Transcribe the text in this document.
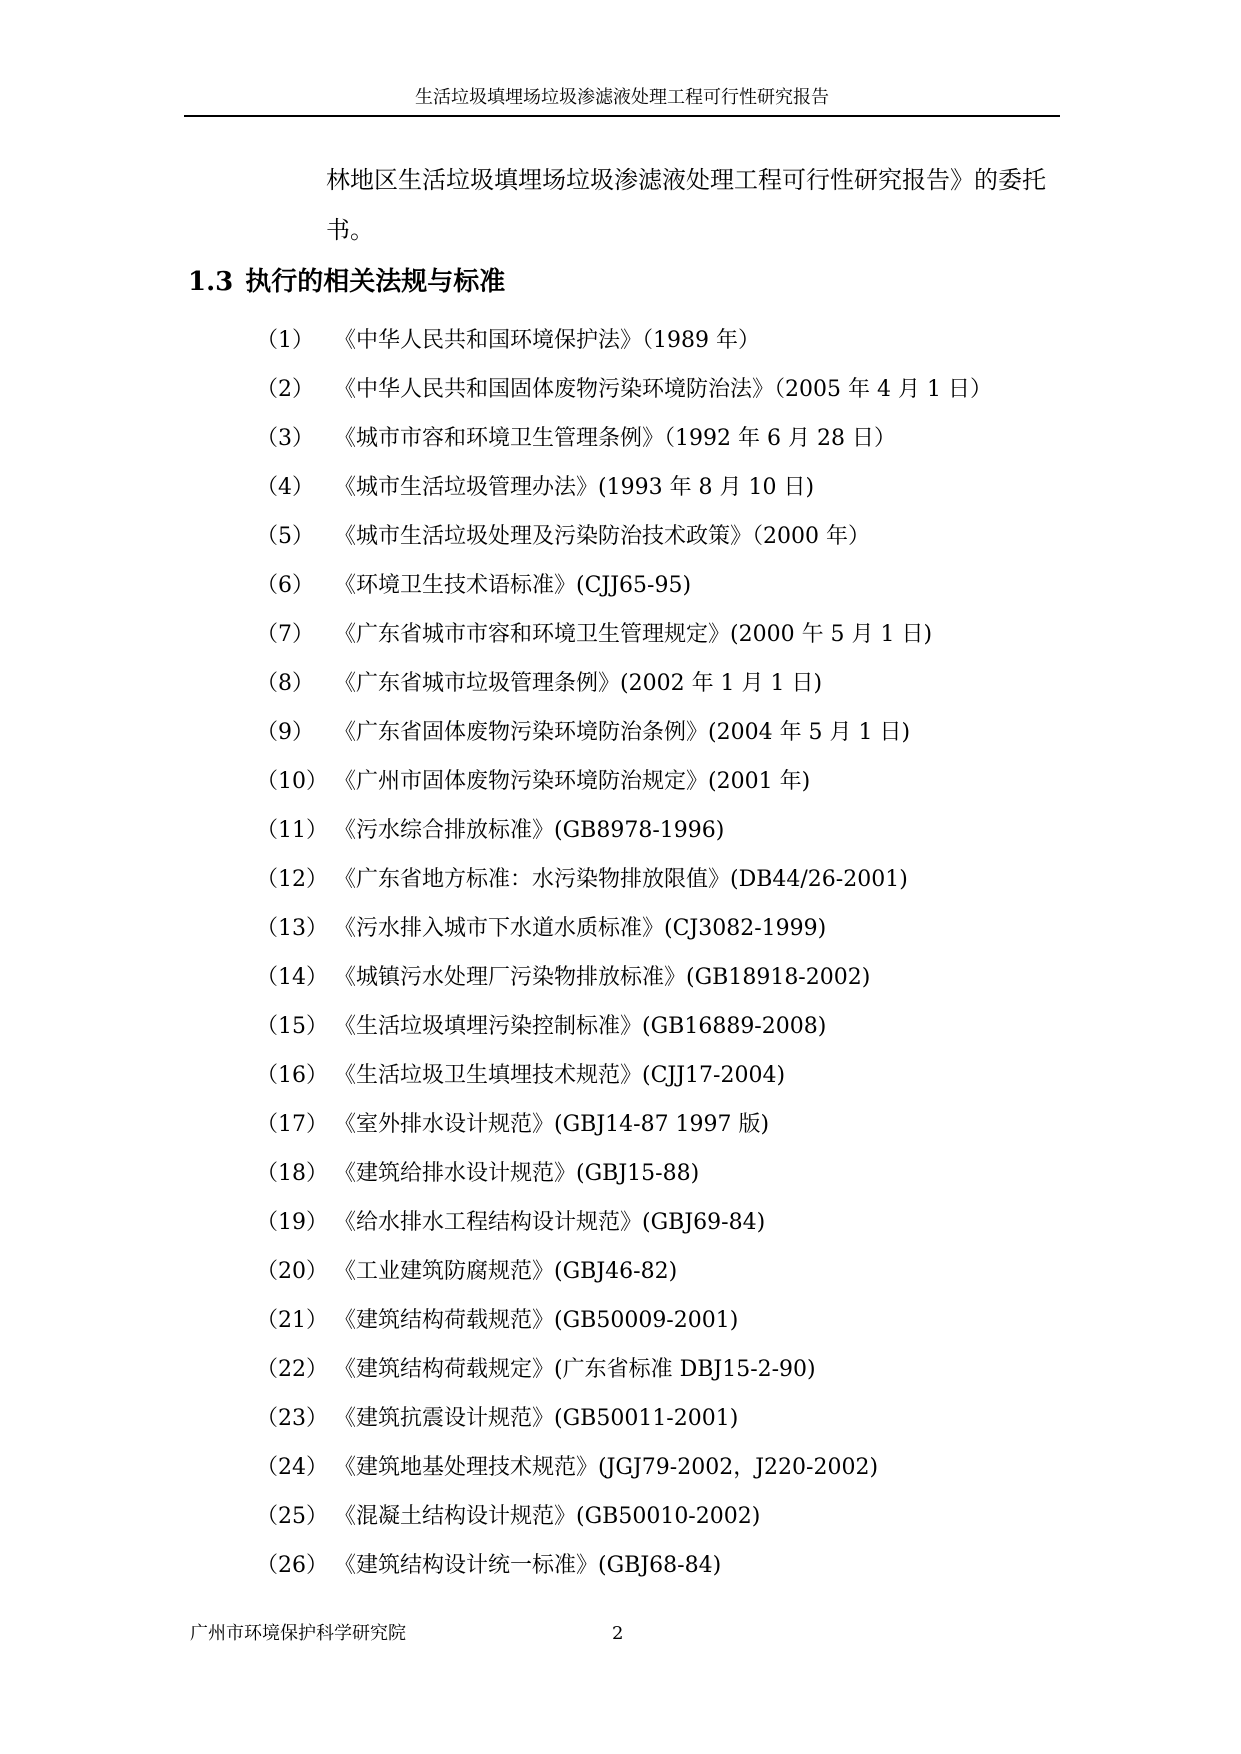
生活垃圾填埋场垃圾渗滤液处理工程可行性研究报告
林地区生活垃圾填埋场垃圾渗滤液处理工程可行性研究报告》的委托书。
1.3 执行的相关法规与标准
（1） 《中华人民共和国环境保护法》（1989 年）
（2） 《中华人民共和国固体废物污染环境防治法》（2005 年 4 月 1 日）
（3） 《城市市容和环境卫生管理条例》（1992 年 6 月 28 日）
（4） 《城市生活垃圾管理办法》(1993 年 8 月 10 日)
（5） 《城市生活垃圾处理及污染防治技术政策》（2000 年）
（6） 《环境卫生技术语标准》(CJJ65-95)
（7） 《广东省城市市容和环境卫生管理规定》(2000 午 5 月 1 日)
（8） 《广东省城市垃圾管理条例》(2002 年 1 月 1 日)
（9） 《广东省固体废物污染环境防治条例》(2004 年 5 月 1 日)
（10） 《广州市固体废物污染环境防治规定》(2001 年)
（11） 《污水综合排放标准》(GB8978-1996)
（12） 《广东省地方标准：水污染物排放限值》(DB44/26-2001)
（13） 《污水排入城市下水道水质标准》(CJ3082-1999)
（14） 《城镇污水处理厂污染物排放标准》(GB18918-2002)
（15） 《生活垃圾填埋污染控制标准》(GB16889-2008)
（16） 《生活垃圾卫生填埋技术规范》(CJJ17-2004)
（17） 《室外排水设计规范》(GBJ14-87 1997 版)
（18） 《建筑给排水设计规范》(GBJ15-88)
（19） 《给水排水工程结构设计规范》(GBJ69-84)
（20） 《工业建筑防腐规范》(GBJ46-82)
（21） 《建筑结构荷载规范》(GB50009-2001)
（22） 《建筑结构荷载规定》(广东省标准 DBJ15-2-90)
（23） 《建筑抗震设计规范》(GB50011-2001)
（24） 《建筑地基处理技术规范》(JGJ79-2002，J220-2002)
（25） 《混凝土结构设计规范》(GB50010-2002)
（26） 《建筑结构设计统一标准》(GBJ68-84)
广州市环境保护科学研究院	2
